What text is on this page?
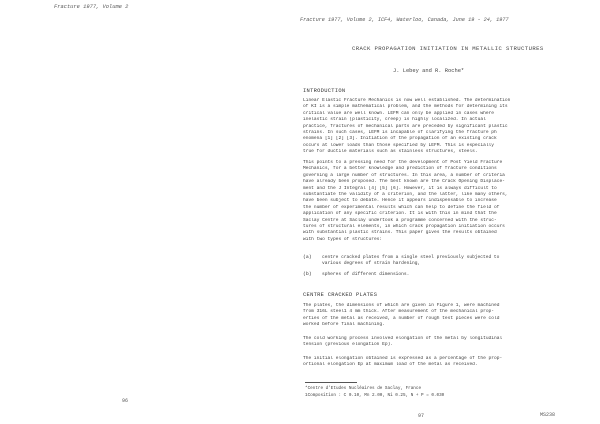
Fracture 1977, Volume 2
96
Fracture 1977, Volume 2, ICF4, Waterloo, Canada, June 19 - 24, 1977
CRACK PROPAGATION INITIATION IN METALLIC STRUCTURES
J. Lebey and R. Roche*
INTRODUCTION
Linear Elastic Fracture Mechanics is now well established. The determination
of KI is a simple mathematical problem, and the methods for determining its
critical value are well known. LEFM can only be applied in cases where
inelastic strain (plasticity, creep) is highly localized. In actual
practice, fractures of mechanical parts are preceded by significant plastic
strains. In such cases, LEFM is incapable of clarifying the fracture ph
enomena [1] [2] [3]. Initiation of the propagation of an existing crack
occurs at lower loads than those specified by LEFM. This is especially
true for ductile materials such as stainless structures, steels.
This points to a pressing need for the development of Post Yield Fracture
Mechanics, for a better knowledge and prediction of fracture conditions
governing a large number of structures. In this area, a number of criteria
have already been proposed. The best known are the Crack Opening Displace-
ment and the J Integral [4] [5] [6]. However, it is always difficult to
substantiate the validity of a criterion, and the latter, like many others,
have been subject to debate. Hence it appears indispensable to increase
the number of experimental results which can help to define the field of
application of any specific criterion. It is with this in mind that the
Saclay Centre at Saclay undertook a programme concerned with the struc-
tures of structural elements, in which crack propagation initiation occurs
with substantial plastic strains. This paper gives the results obtained
with two types of structures:
(a) centre cracked plates from a single steel previously subjected to
various degrees of strain hardening,
(b) spheres of different dimensions.
CENTRE CRACKED PLATES
The plates, the dimensions of which are given in Figure 1, were machined
from 316L steel1 4 mm thick. After measurement of the mechanical prop-
erties of the metal as received, a number of rough test pieces were cold
worked before final machining.
The cold working process involved elongation of the metal by longitudinal
tension (previous elongation Ep).
The initial elongation obtained is expressed as a percentage of the prop-
ortional elongation Ep at maximum load of the metal as received.
*Centre d'Etudes Nucléaires de Saclay, France
1Composition : C 0.10, Mn 2.00, Ni 0.25, N + P = 0.030
97	MS238
